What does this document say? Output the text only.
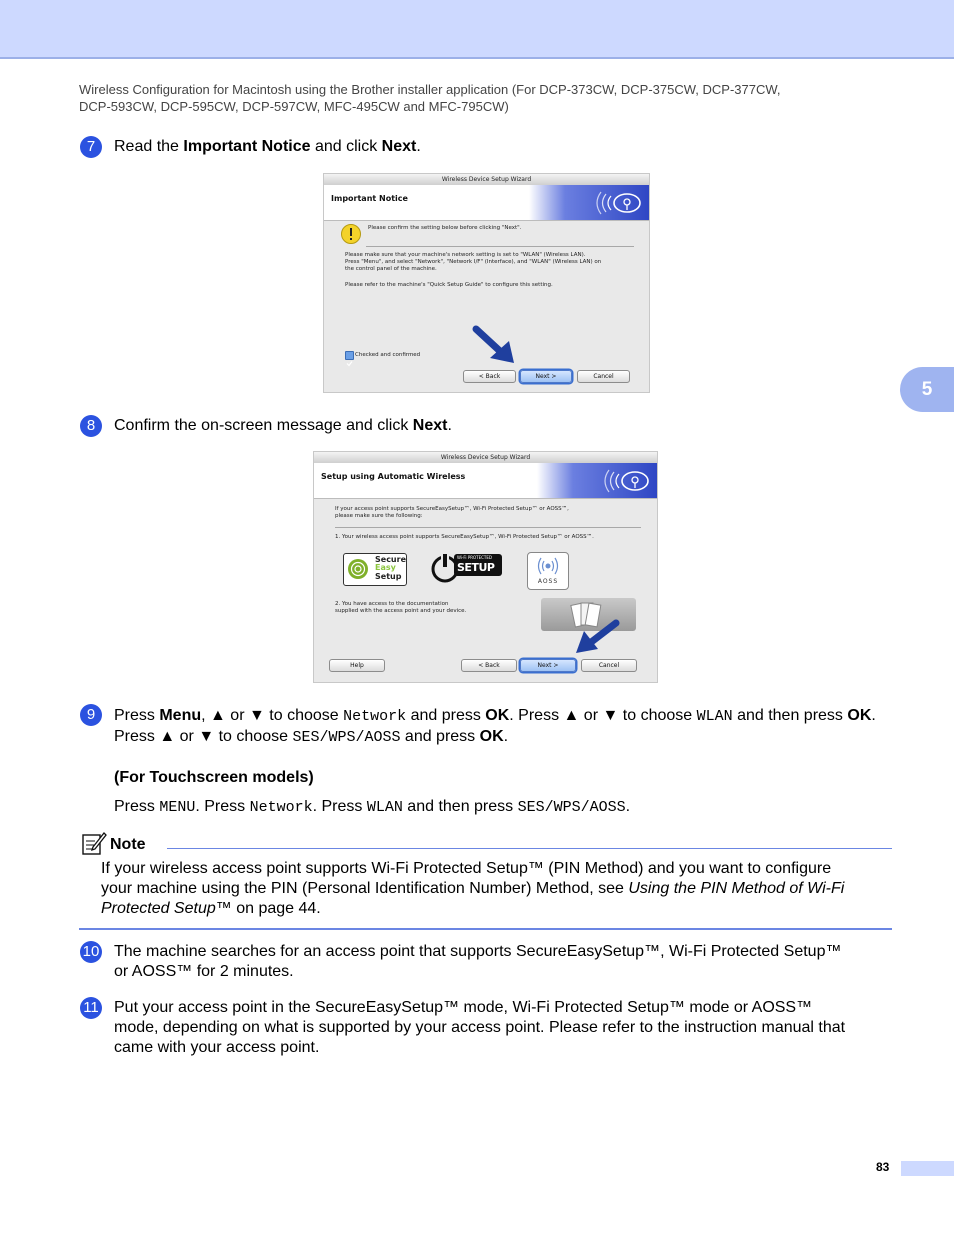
Wireless Configuration for Macintosh using the Brother installer application (For DCP-373CW, DCP-375CW, DCP-377CW,
DCP-593CW, DCP-595CW, DCP-597CW, MFC-495CW and MFC-795CW)
5
7	Read the Important Notice and click Next.
Wireless Device Setup Wizard
Important Notice
Please confirm the setting below before clicking "Next".
Please make sure that your machine's network setting is set to "WLAN" (Wireless LAN).
Press "Menu", and select "Network", "Network I/F" (Interface), and "WLAN" (Wireless LAN) on
the control panel of the machine.
Please refer to the machine's "Quick Setup Guide" to configure this setting.
Checked and confirmed
< Back	Next >	Cancel
8	Confirm the on-screen message and click Next.
Wireless Device Setup Wizard
Setup using Automatic Wireless
If your access point supports SecureEasySetup™, Wi-Fi Protected Setup™ or AOSS™,
please make sure the following:
1. Your wireless access point supports SecureEasySetup™, Wi-Fi Protected Setup™ or AOSS™.
Secure
Easy
Setup
Wi-Fi PROTECTED
SETUP
AOSS
2. You have access to the documentation
supplied with the access point and your device.
Help	< Back	Next >	Cancel
9	Press Menu, ▲ or ▼ to choose Network and press OK. Press ▲ or ▼ to choose WLAN and then press OK.
Press ▲ or ▼ to choose SES/WPS/AOSS and press OK.
(For Touchscreen models)
Press MENU. Press Network. Press WLAN and then press SES/WPS/AOSS.
Note
If your wireless access point supports Wi-Fi Protected Setup™ (PIN Method) and you want to configure
your machine using the PIN (Personal Identification Number) Method, see Using the PIN Method of Wi-Fi
Protected Setup™ on page 44.
10 The machine searches for an access point that supports SecureEasySetup™, Wi-Fi Protected Setup™
or AOSS™ for 2 minutes.
11 Put your access point in the SecureEasySetup™ mode, Wi-Fi Protected Setup™ mode or AOSS™
mode, depending on what is supported by your access point. Please refer to the instruction manual that
came with your access point.
83
